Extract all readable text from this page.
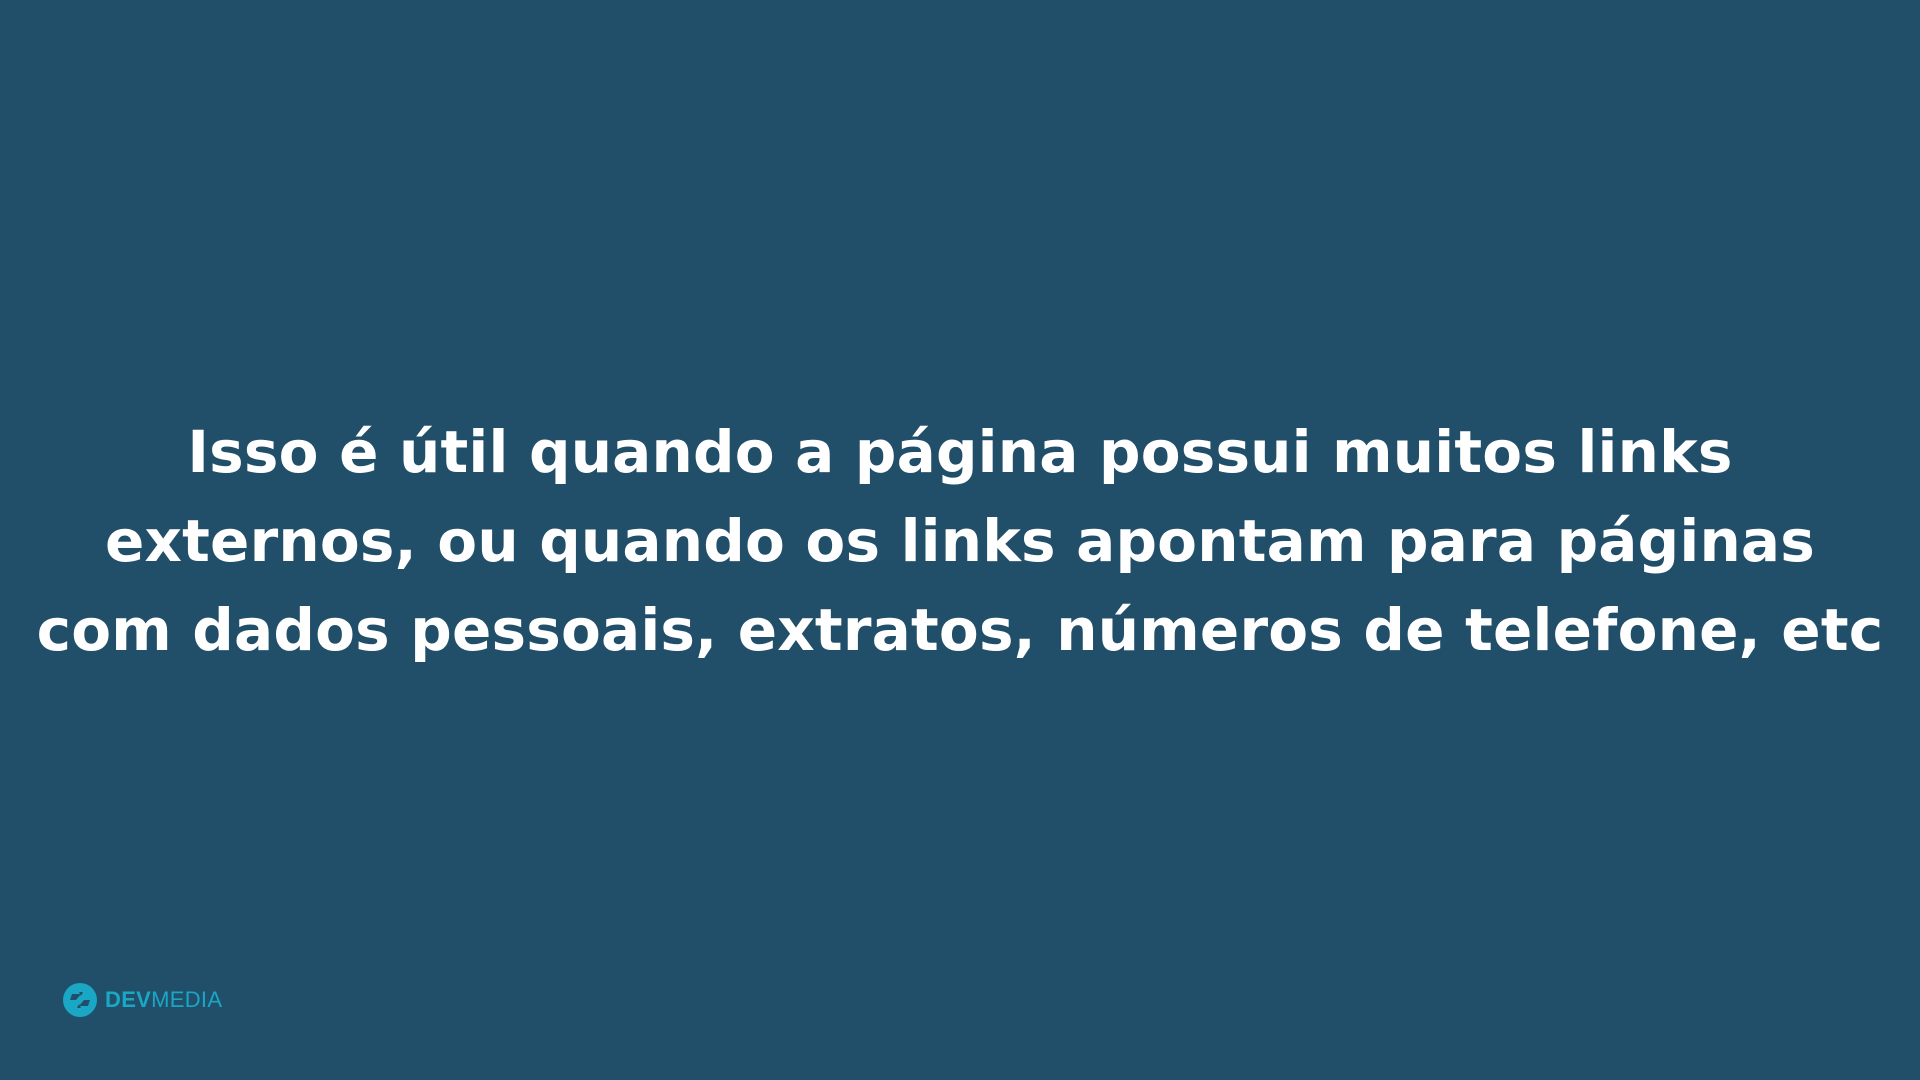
Isso é útil quando a página possui muitos links
externos, ou quando os links apontam para páginas
com dados pessoais, extratos, números de telefone, etc
DEVMEDIA
